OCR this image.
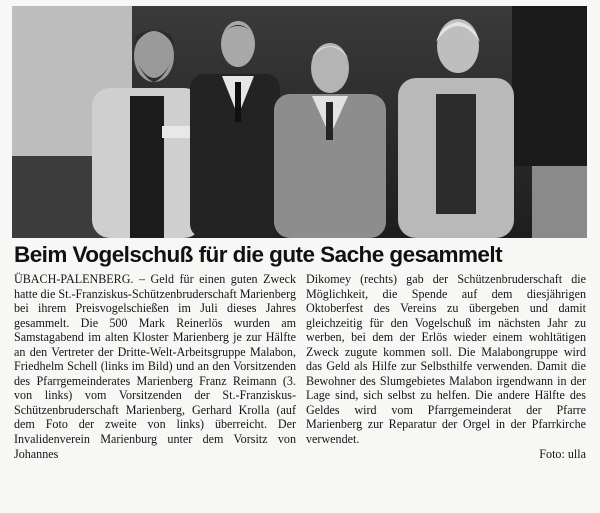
Beim Vogelschuß für die gute Sache gesammelt
ÜBACH-PALENBERG. – Geld für einen guten Zweck hatte die St.-Franziskus-Schützenbruderschaft Marienberg bei ihrem Preisvogelschießen im Juli dieses Jahres gesammelt. Die 500 Mark Reinerlös wurden am Samstagabend im alten Kloster Marienberg je zur Hälfte an den Vertreter der Dritte-Welt-Arbeitsgruppe Malabon, Friedhelm Schell (links im Bild) und an den Vorsitzenden des Pfarrgemeinderates Marienberg Franz Reimann (3. von links) vom Vorsitzenden der St.-Franziskus-Schützenbruderschaft Marienberg, Gerhard Krolla (auf dem Foto der zweite von links) überreicht. Der Invalidenverein Marienburg unter dem Vorsitz von Johannes
Dikomey (rechts) gab der Schützenbruderschaft die Möglichkeit, die Spende auf dem diesjährigen Oktoberfest des Vereins zu übergeben und damit gleichzeitig für den Vogelschuß im nächsten Jahr zu werben, bei dem der Erlös wieder einem wohltätigen Zweck zugute kommen soll. Die Malabongruppe wird das Geld als Hilfe zur Selbsthilfe verwenden. Damit die Bewohner des Slumgebietes Malabon irgendwann in der Lage sind, sich selbst zu helfen. Die andere Hälfte des Geldes wird vom Pfarrgemeinderat der Pfarre Marienberg zur Reparatur der Orgel in der Pfarrkirche verwendet.
Foto: ulla
